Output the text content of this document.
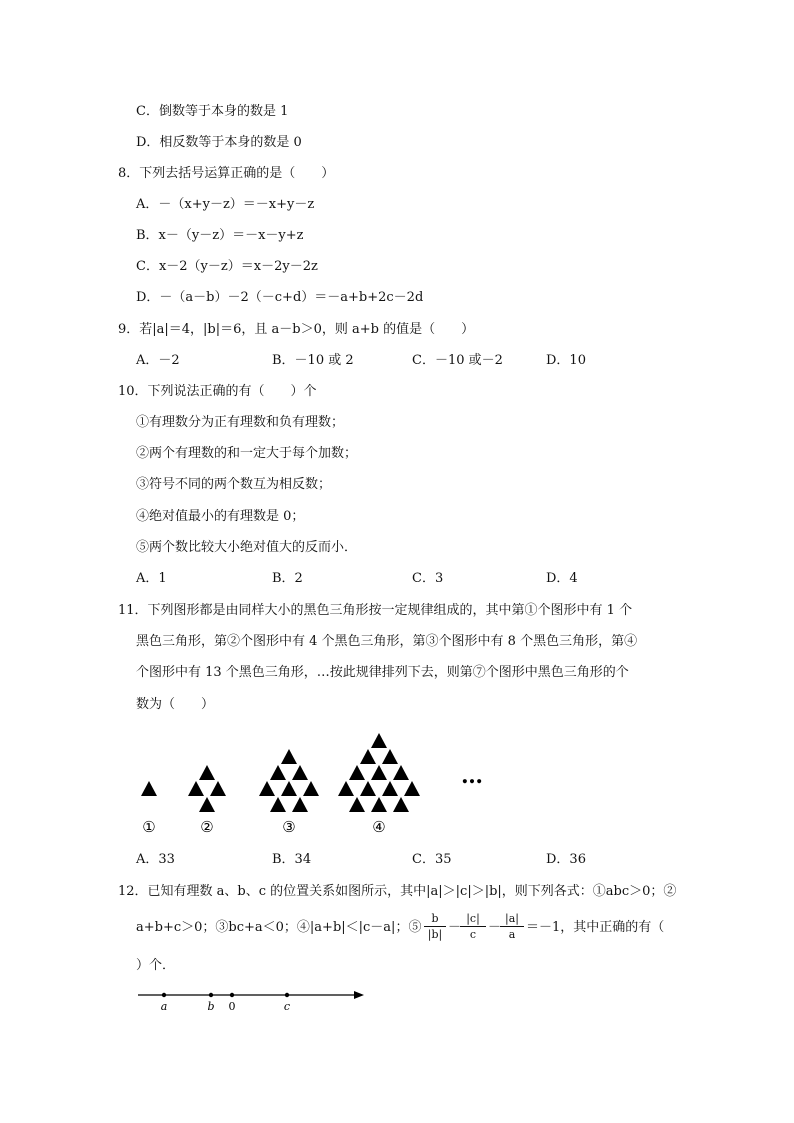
C．倒数等于本身的数是 1
D．相反数等于本身的数是 0
8．下列去括号运算正确的是（　　）
A．－（x+y－z）＝－x+y－z
B．x－（y－z）＝－x－y+z
C．x－2（y－z）＝x－2y－2z
D．－（a－b）－2（－c+d）＝－a+b+2c－2d
9．若|a|＝4，|b|＝6，且 a－b＞0，则 a+b 的值是（　　）
A．－2	B．－10 或 2	C．－10 或－2	D．10
10．下列说法正确的有（　　）个
①有理数分为正有理数和负有理数；
②两个有理数的和一定大于每个加数；
③符号不同的两个数互为相反数；
④绝对值最小的有理数是 0；
⑤两个数比较大小绝对值大的反而小．
A．1	B．2	C．3	D．4
11．下列图形都是由同样大小的黑色三角形按一定规律组成的，其中第①个图形中有 1 个
黑色三角形，第②个图形中有 4 个黑色三角形，第③个图形中有 8 个黑色三角形，第④
个图形中有 13 个黑色三角形，…按此规律排列下去，则第⑦个图形中黑色三角形的个
数为（　　）
…
①	②	③	④
A．33	B．34	C．35	D．36
12．已知有理数 a、b、c 的位置关系如图所示，其中|a|＞|c|＞|b|，则下列各式：①abc＞0；②
a+b+c＞0；③bc+a＜0；④|a+b|＜|c－a|；⑤
b
|b| －
|c|
c －
|a|
a ＝－1，其中正确的有（
）个．
a	b 0	c
